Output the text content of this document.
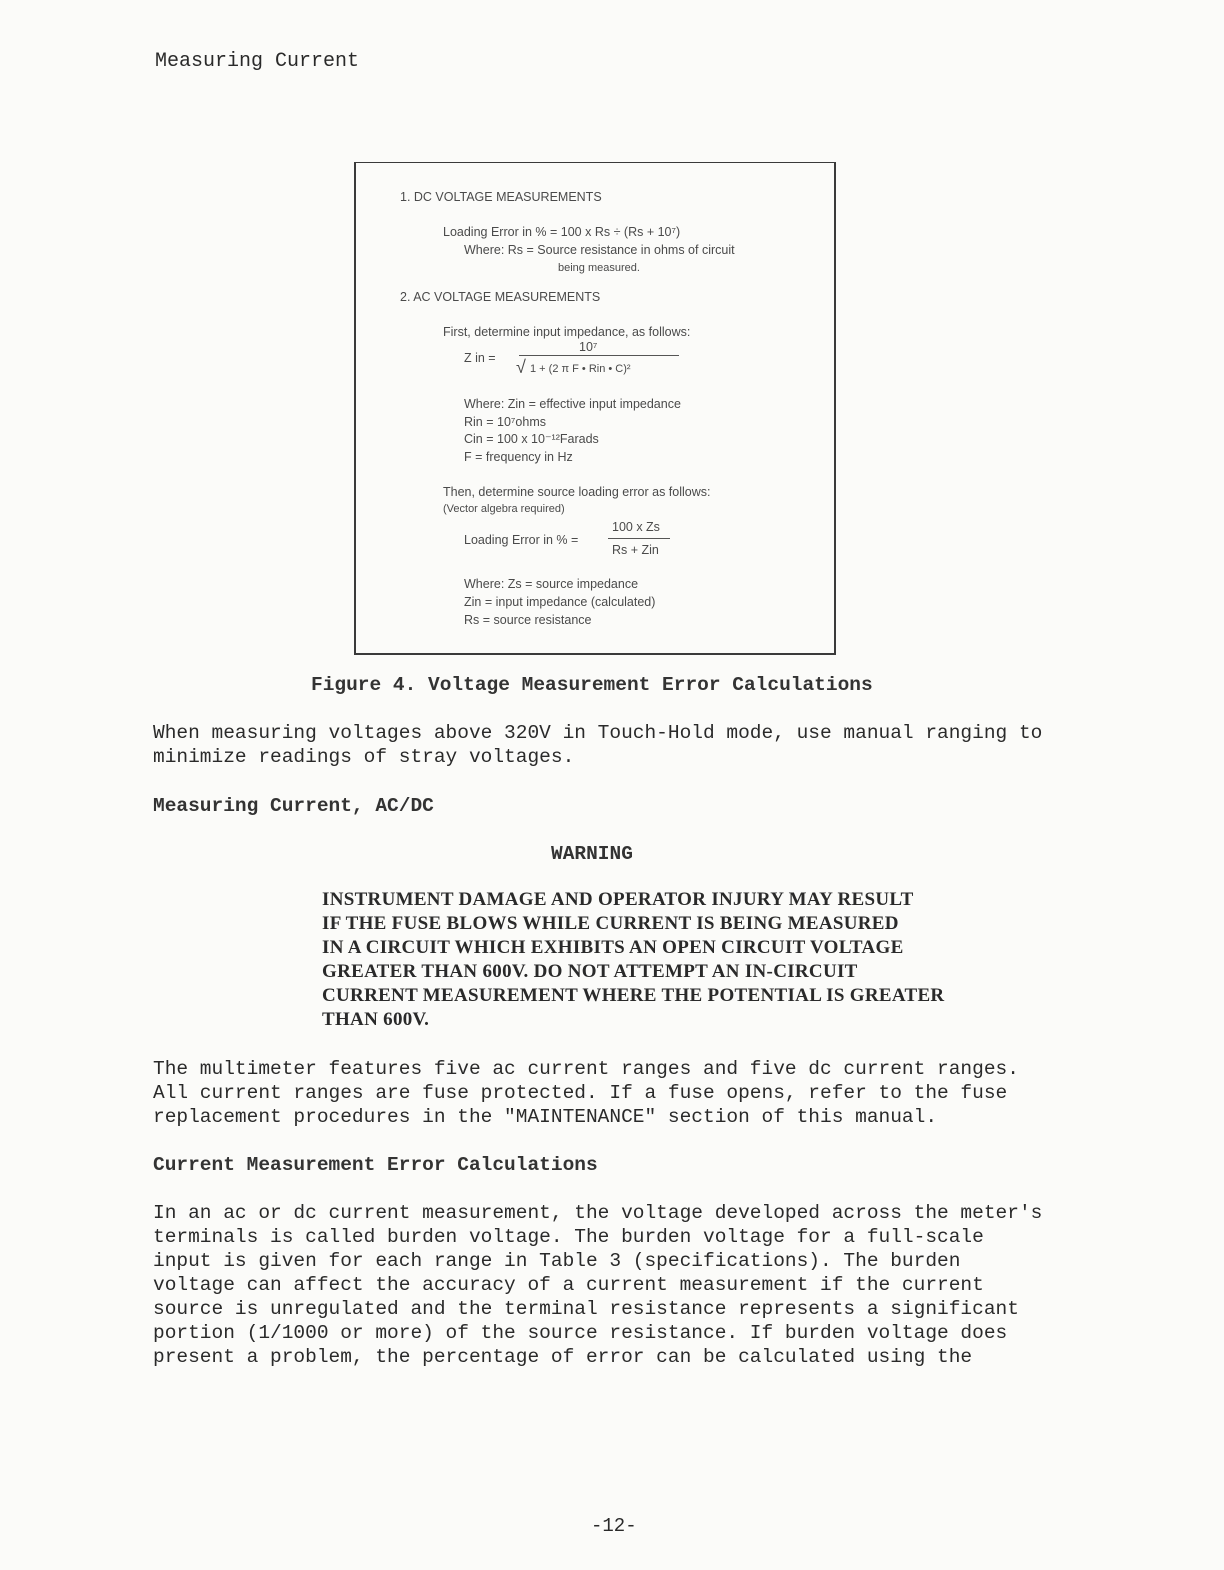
Measuring Current
1. DC VOLTAGE MEASUREMENTS
Loading Error in % = 100 x Rs ÷ (Rs + 10⁷)
Where: Rs = Source resistance in ohms of circuit
being measured.
2. AC VOLTAGE MEASUREMENTS
First, determine input impedance, as follows:
Z in =
10⁷
√ 1 + (2 π F • Rin • C)²
Where: Zin = effective input impedance
Rin = 10⁷ohms
Cin = 100 x 10⁻¹²Farads
F = frequency in Hz
Then, determine source loading error as follows:
(Vector algebra required)
100 x Zs
Loading Error in % =
Rs + Zin
Where: Zs = source impedance
Zin = input impedance (calculated)
Rs = source resistance
Figure 4. Voltage Measurement Error Calculations
When measuring voltages above 320V in Touch-Hold mode, use manual ranging to
minimize readings of stray voltages.
Measuring Current, AC/DC
WARNING
INSTRUMENT DAMAGE AND OPERATOR INJURY MAY RESULT
IF THE FUSE BLOWS WHILE CURRENT IS BEING MEASURED
IN A CIRCUIT WHICH EXHIBITS AN OPEN CIRCUIT VOLTAGE
GREATER THAN 600V. DO NOT ATTEMPT AN IN-CIRCUIT
CURRENT MEASUREMENT WHERE THE POTENTIAL IS GREATER
THAN 600V.
The multimeter features five ac current ranges and five dc current ranges.
All current ranges are fuse protected. If a fuse opens, refer to the fuse
replacement procedures in the "MAINTENANCE" section of this manual.
Current Measurement Error Calculations
In an ac or dc current measurement, the voltage developed across the meter's
terminals is called burden voltage. The burden voltage for a full-scale
input is given for each range in Table 3 (specifications). The burden
voltage can affect the accuracy of a current measurement if the current
source is unregulated and the terminal resistance represents a significant
portion (1/1000 or more) of the source resistance. If burden voltage does
present a problem, the percentage of error can be calculated using the
-12-
